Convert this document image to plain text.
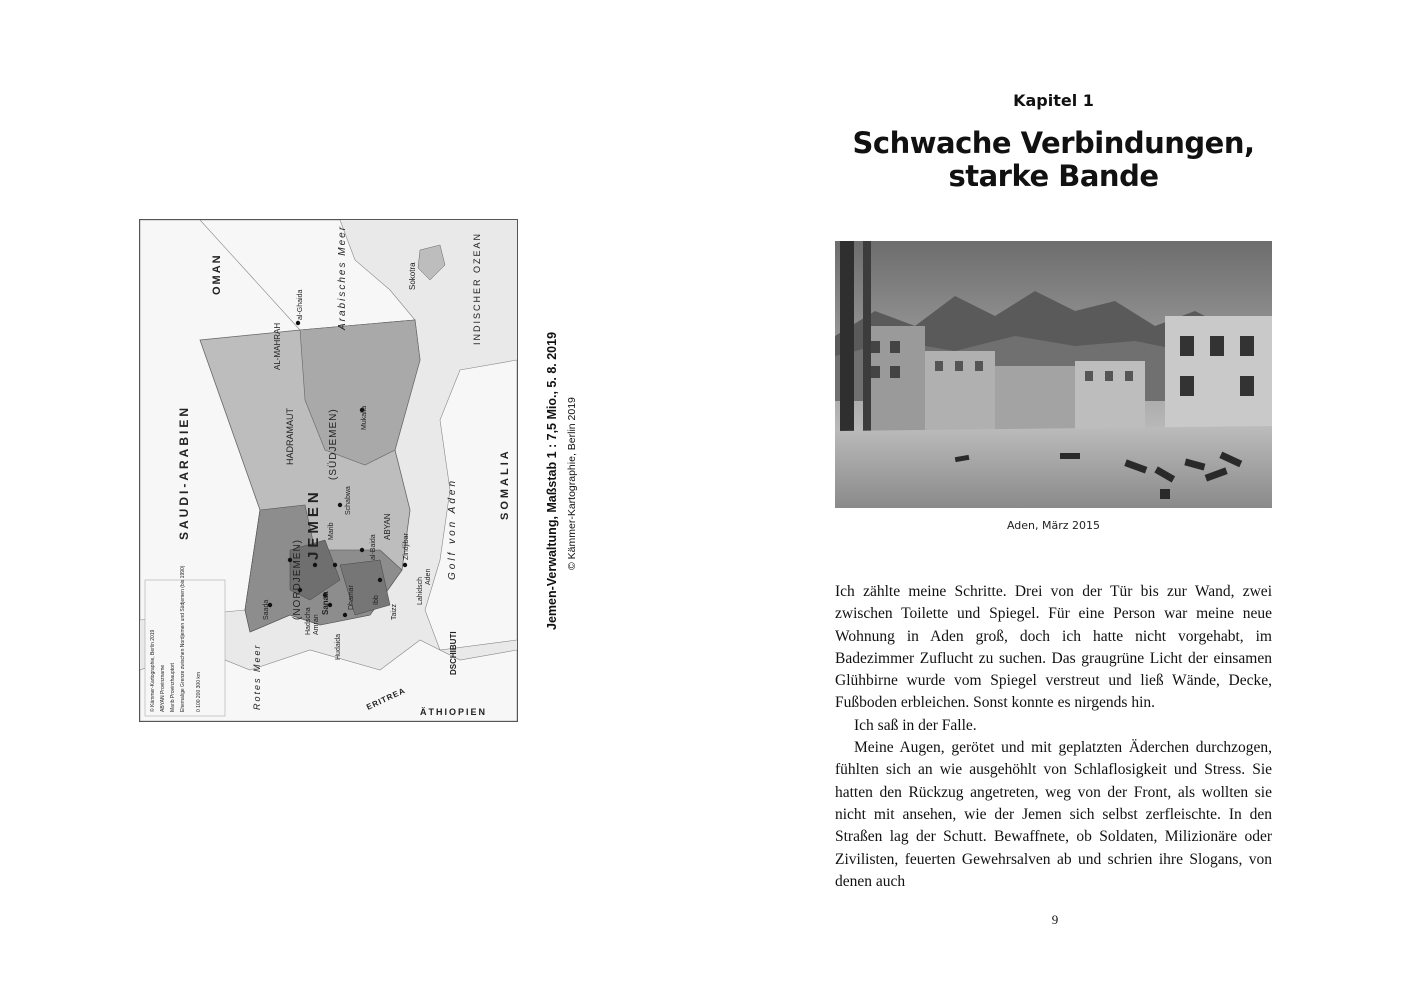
OMAN
SAUDI-ARABIEN	JEMEN
Arabisches Meer	INDISCHER OZEAN
Golf von Aden	SOMALIA
Rotes Meer	ERITREA
ÄTHIOPIEN
DSCHIBUTI
Sokotra
AL-MAHRAH
HADRAMAUT	(SÜDJEMEN)
(NORDJEMEN)
ABYAN
Sanaa
Aden
Mukalla
al-Ghaida
Saada
Marib
Taizz
Ibb
Zindjibar
Lahidsch
al-Baida
Dhamar
Hudaida
Hadscha Amran
Schabwa
© Kämmer-Kartographie, Berlin 2019 ABYAN Provinzname Marib Provinzhauptort Ehemalige Grenze zwischen Nordjemen und Südjemen (bis 1990) 0 100 200 300 km
Jemen-Verwaltung, Maßstab 1 : 7,5 Mio., 5. 8. 2019 © Kämmer-Kartographie, Berlin 2019
Kapitel 1
Schwache Verbindungen,
starke Bande
Aden, März 2015

Ich zählte meine Schritte. Drei von der Tür bis zur Wand, zwei zwischen Toilette und Spiegel. Für eine Person war meine neue Wohnung in Aden groß, doch ich hatte nicht vorgehabt, im Badezimmer Zuflucht zu suchen. Das graugrüne Licht der einsamen Glühbirne wurde vom Spiegel verstreut und ließ Wände, Decke, Fußboden erbleichen. Sonst konnte es nirgends hin.

Ich saß in der Falle.

Meine Augen, gerötet und mit geplatzten Äderchen durchzogen, fühlten sich an wie ausgehöhlt von Schlaflosigkeit und Stress. Sie hatten den Rückzug angetreten, weg von der Front, als wollten sie nicht mit ansehen, wie der Jemen sich selbst zerfleischte. In den Straßen lag der Schutt. Bewaffnete, ob Soldaten, Milizionäre oder Zivilisten, feuerten Gewehrsalven ab und schrien ihre Slogans, von denen auch

9
